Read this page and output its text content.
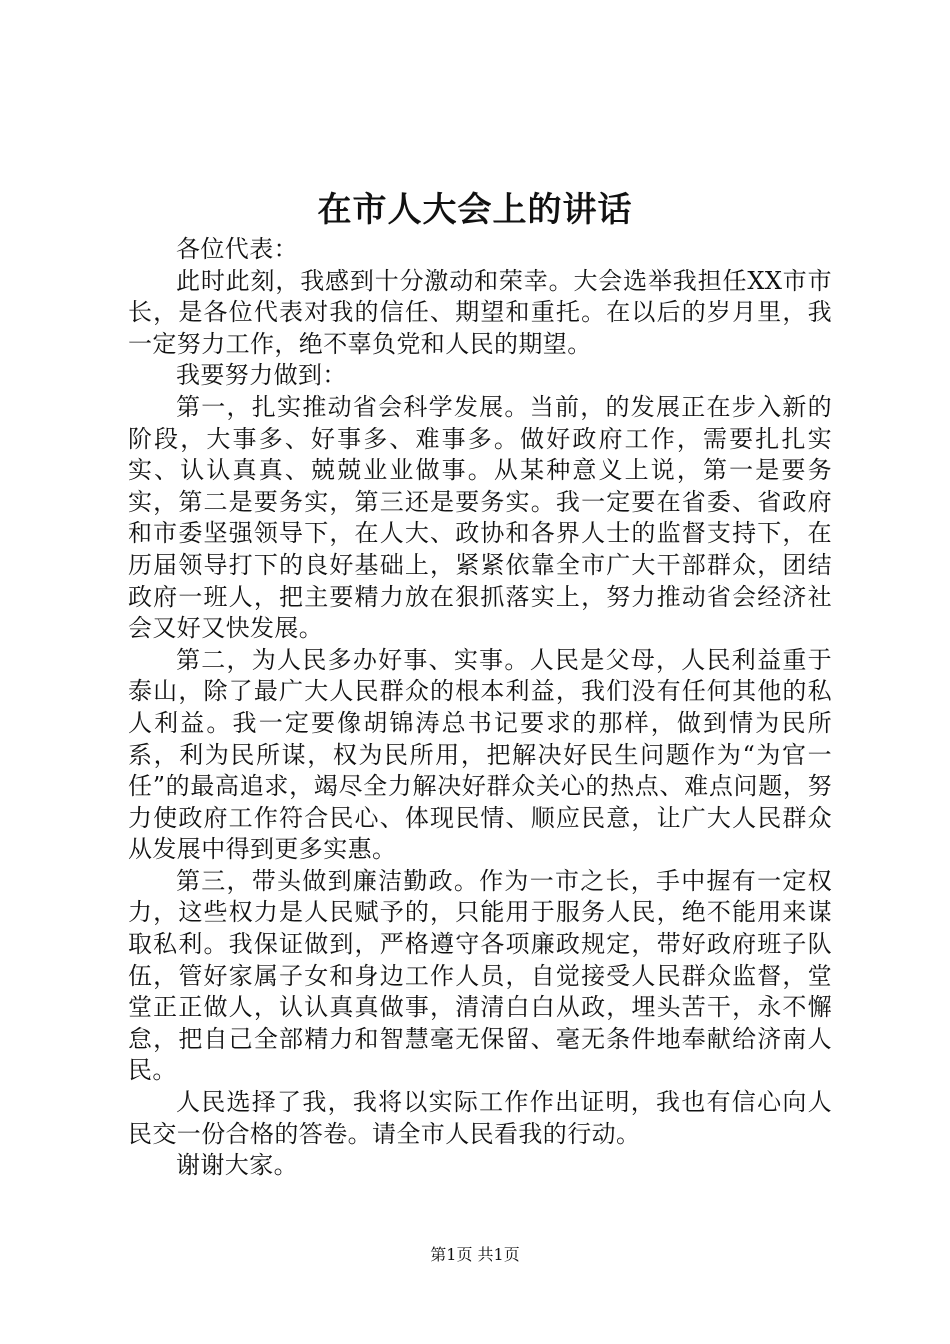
在市人大会上的讲话

各位代表：

此时此刻，我感到十分激动和荣幸。大会选举我担任XX市市长，是各位代表对我的信任、期望和重托。在以后的岁月里，我一定努力工作，绝不辜负党和人民的期望。

我要努力做到：

第一，扎实推动省会科学发展。当前，的发展正在步入新的阶段，大事多、好事多、难事多。做好政府工作，需要扎扎实实、认认真真、兢兢业业做事。从某种意义上说，第一是要务实，第二是要务实，第三还是要务实。我一定要在省委、省政府和市委坚强领导下，在人大、政协和各界人士的监督支持下，在历届领导打下的良好基础上，紧紧依靠全市广大干部群众，团结政府一班人，把主要精力放在狠抓落实上，努力推动省会经济社会又好又快发展。

第二，为人民多办好事、实事。人民是父母，人民利益重于泰山，除了最广大人民群众的根本利益，我们没有任何其他的私人利益。我一定要像胡锦涛总书记要求的那样，做到情为民所系，利为民所谋，权为民所用，把解决好民生问题作为“为官一任”的最高追求，竭尽全力解决好群众关心的热点、难点问题，努力使政府工作符合民心、体现民情、顺应民意，让广大人民群众从发展中得到更多实惠。

第三，带头做到廉洁勤政。作为一市之长，手中握有一定权力，这些权力是人民赋予的，只能用于服务人民，绝不能用来谋取私利。我保证做到，严格遵守各项廉政规定，带好政府班子队伍，管好家属子女和身边工作人员，自觉接受人民群众监督，堂堂正正做人，认认真真做事，清清白白从政，埋头苦干，永不懈怠，把自己全部精力和智慧毫无保留、毫无条件地奉献给济南人民。

人民选择了我，我将以实际工作作出证明，我也有信心向人民交一份合格的答卷。请全市人民看我的行动。

谢谢大家。

第1页 共1页
